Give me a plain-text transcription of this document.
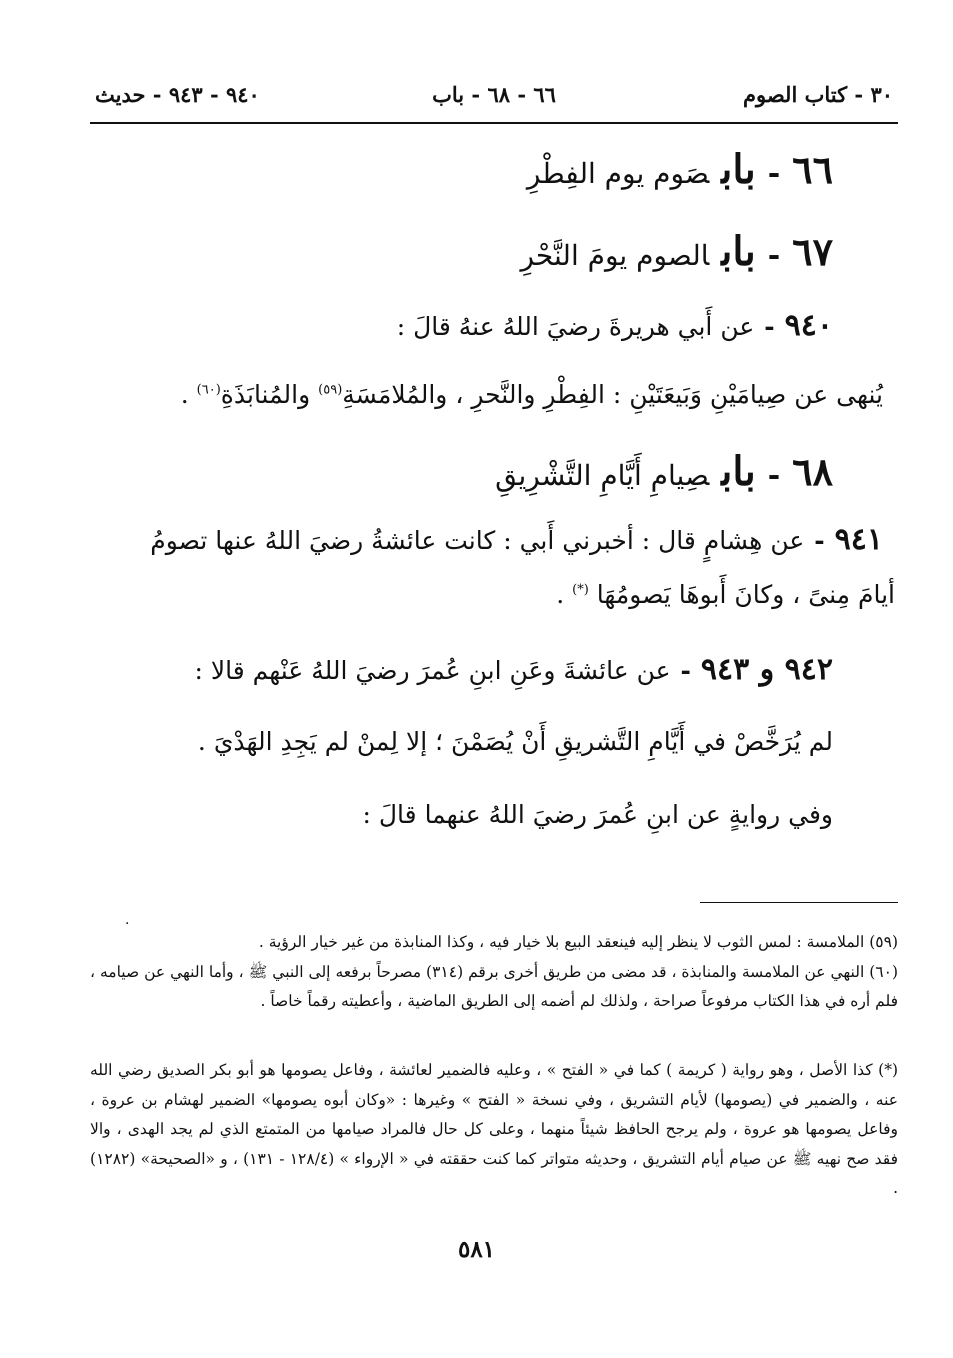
٣٠ - كتاب الصوم
٦٦ - ٦٨ - باب
٩٤٠ - ٩٤٣ - حديث
٦٦-بابصَوم يوم الفِطْرِ
٦٧-بابالصوم يومَ النَّحْرِ
٩٤٠-عن أَبي هريرةَ رضيَ اللهُ عنهُ قالَ :
يُنهى عن صِيامَيْنِ وَبَيعَتَيْنِ : الفِطْرِ والنَّحرِ ، والمُلامَسَةِ$^{(٥٩)}$ والمُنابَذَةِ$^{(٦٠)}$ .
٦٨-بابصِيامِ أَيَّامِ التَّشْرِيقِ
٩٤١-عن هِشامٍ قال : أخبرني أَبي : كانت عائشةُ رضيَ اللهُ عنها تصومُ
أيامَ مِنىً ، وكانَ أَبوهَا يَصومُهَا (*) .
٩٤٢ و ٩٤٣-عن عائشةَ وعَنِ ابنِ عُمرَ رضيَ اللهُ عَنْهم قالا :
لم يُرَخَّصْ في أَيَّامِ التَّشريقِ أَنْ يُصَمْنَ ؛ إلا لِمنْ لم يَجِدِ الهَدْيَ .
وفي روايةٍ عن ابنِ عُمرَ رضيَ اللهُ عنهما قالَ :
.

(٥٩) الملامسة : لمس الثوب لا ينظر إليه فينعقد البيع بلا خيار فيه ، وكذا المنابذة من غير خيار الرؤية .

(٦٠) النهي عن الملامسة والمنابذة ، قد مضى من طريق أخرى برقم (٣١٤) مصرحاً برفعه إلى النبي ﷺ ، وأما النهي عن صيامه ، فلم أره في هذا الكتاب مرفوعاً صراحة ، ولذلك لم أضمه إلى الطريق الماضية ، وأعطيته رقماً خاصاً .

(*) كذا الأصل ، وهو رواية ( كريمة ) كما في « الفتح » ، وعليه فالضمير لعائشة ، وفاعل يصومها هو أبو بكر الصديق رضي الله عنه ، والضمير في (يصومها) لأيام التشريق ، وفي نسخة « الفتح » وغيرها : «وكان أبوه يصومها» الضمير لهشام بن عروة ، وفاعل يصومها هو عروة ، ولم يرجح الحافظ شيئاً منهما ، وعلى كل حال فالمراد صيامها من المتمتع الذي لم يجد الهدى ، والا فقد صح نهيه ﷺ عن صيام أيام التشريق ، وحديثه متواتر كما كنت حققته في « الإرواء » (١٢٨/٤ - ١٣١) ، و «الصحيحة» (١٢٨٢) .

٥٨١
